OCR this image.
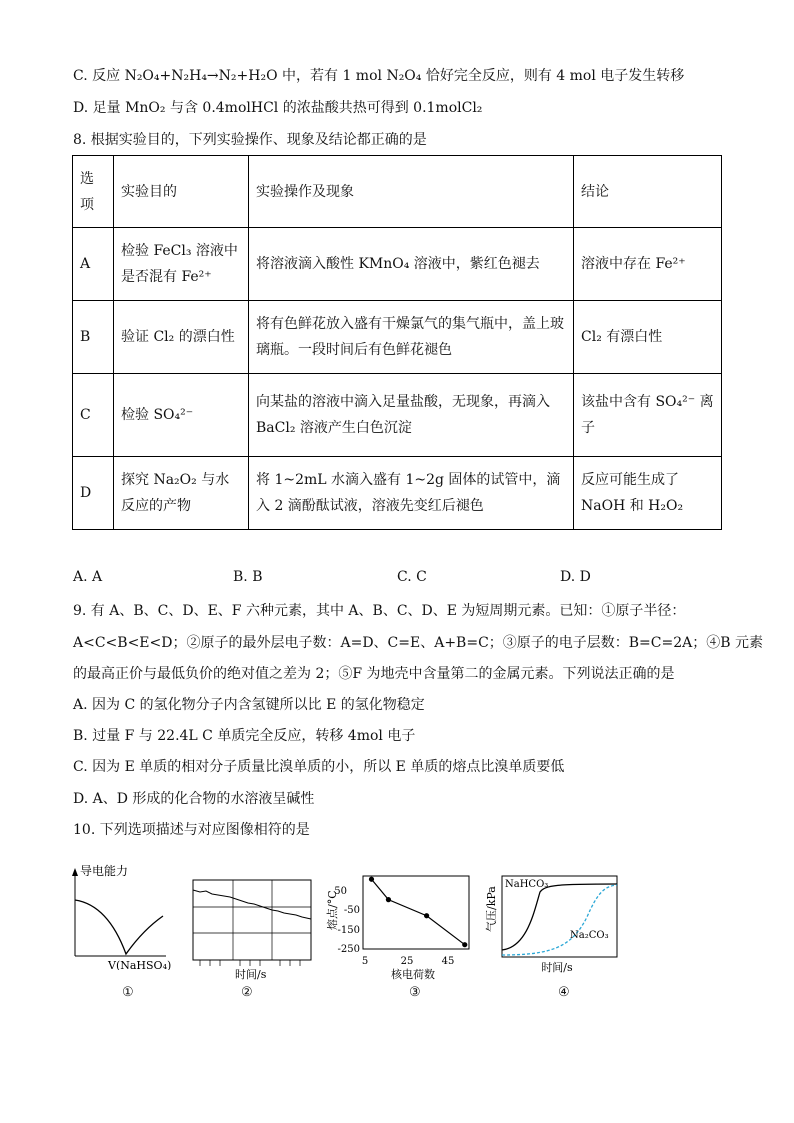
C. 反应 N₂O₄+N₂H₄→N₂+H₂O 中，若有 1 mol N₂O₄ 恰好完全反应，则有 4 mol 电子发生转移
D. 足量 MnO₂ 与含 0.4molHCl 的浓盐酸共热可得到 0.1molCl₂
8. 根据实验目的，下列实验操作、现象及结论都正确的是
选项	实验目的	实验操作及现象	结论
A	检验 FeCl₃ 溶液中是否混有 Fe²⁺	将溶液滴入酸性 KMnO₄ 溶液中，紫红色褪去	溶液中存在 Fe²⁺
B	验证 Cl₂ 的漂白性	将有色鲜花放入盛有干燥氯气的集气瓶中，盖上玻璃瓶。一段时间后有色鲜花褪色	Cl₂ 有漂白性
C	检验 SO₄²⁻	向某盐的溶液中滴入足量盐酸，无现象，再滴入 BaCl₂ 溶液产生白色沉淀	该盐中含有 SO₄²⁻ 离子
D	探究 Na₂O₂ 与水反应的产物	将 1~2mL 水滴入盛有 1~2g 固体的试管中，滴入 2 滴酚酞试液，溶液先变红后褪色	反应可能生成了 NaOH 和 H₂O₂
A. A	B. B	C. C	D. D
9. 有 A、B、C、D、E、F 六种元素，其中 A、B、C、D、E 为短周期元素。已知：①原子半径：
A<C<B<E<D；②原子的最外层电子数：A=D、C=E、A+B=C；③原子的电子层数：B=C=2A；④B 元素
的最高正价与最低负价的绝对值之差为 2；⑤F 为地壳中含量第二的金属元素。下列说法正确的是
A. 因为 C 的氢化物分子内含氢键所以比 E 的氢化物稳定
B. 过量 F 与 22.4L C 单质完全反应，转移 4mol 电子
C. 因为 E 单质的相对分子质量比溴单质的小，所以 E 单质的熔点比溴单质要低
D. A、D 形成的化合物的水溶液呈碱性
10. 下列选项描述与对应图像相符的是
导电能力
V(NaHSO₄)
①
时间/s
②
熔点/°C
50
-50
-150
-250
5	25	45
核电荷数
③
气压/kPa
NaHCO₃
Na₂CO₃
时间/s
④
